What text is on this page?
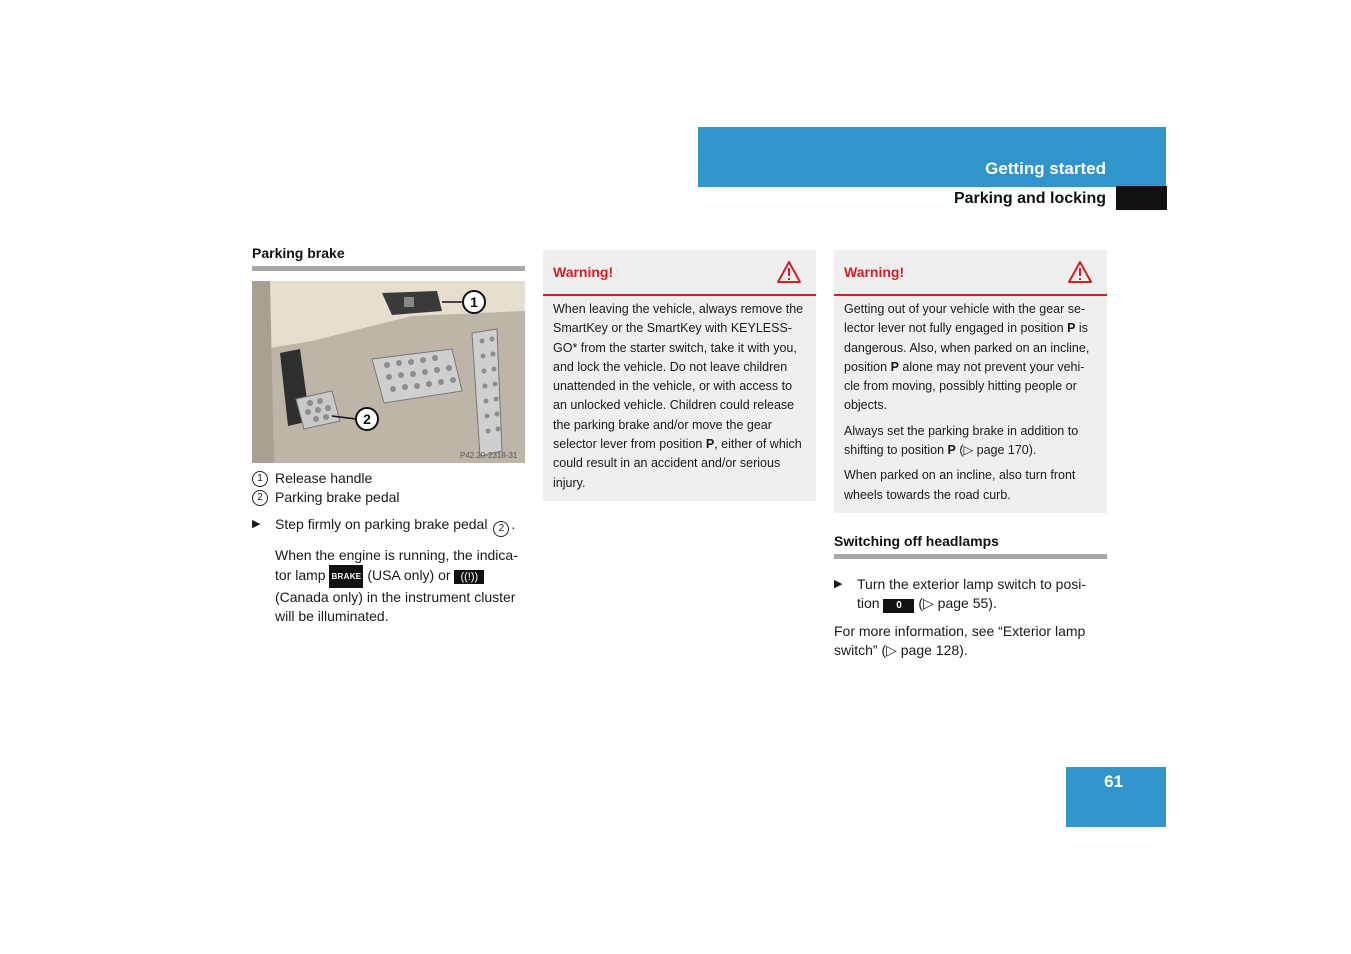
Getting started
Parking and locking
Parking brake
1
2
P42.20-2318-31
1 Release handle
2 Parking brake pedal
▶ Step firmly on parking brake pedal 2 .
When the engine is running, the indica-tor lamp BRAKE (USA only) or ((!)) (Canada only) in the instrument cluster will be illuminated.
Warning!
When leaving the vehicle, always remove the SmartKey or the SmartKey with KEYLESS-GO* from the starter switch, take it with you, and lock the vehicle. Do not leave children unattended in the vehicle, or with access to an unlocked vehicle. Children could release the parking brake and/or move the gear selector lever from position P, either of which could result in an accident and/or serious injury.
Warning!
Getting out of your vehicle with the gear se-lector lever not fully engaged in position P is dangerous. Also, when parked on an incline, position P alone may not prevent your vehi-cle from moving, possibly hitting people or objects.
Always set the parking brake in addition to shifting to position P (▷ page 170).
When parked on an incline, also turn front wheels towards the road curb.
Switching off headlamps
▶ Turn the exterior lamp switch to posi-tion 0 (▷ page 55).
For more information, see “Exterior lamp switch” (▷ page 128).
61
